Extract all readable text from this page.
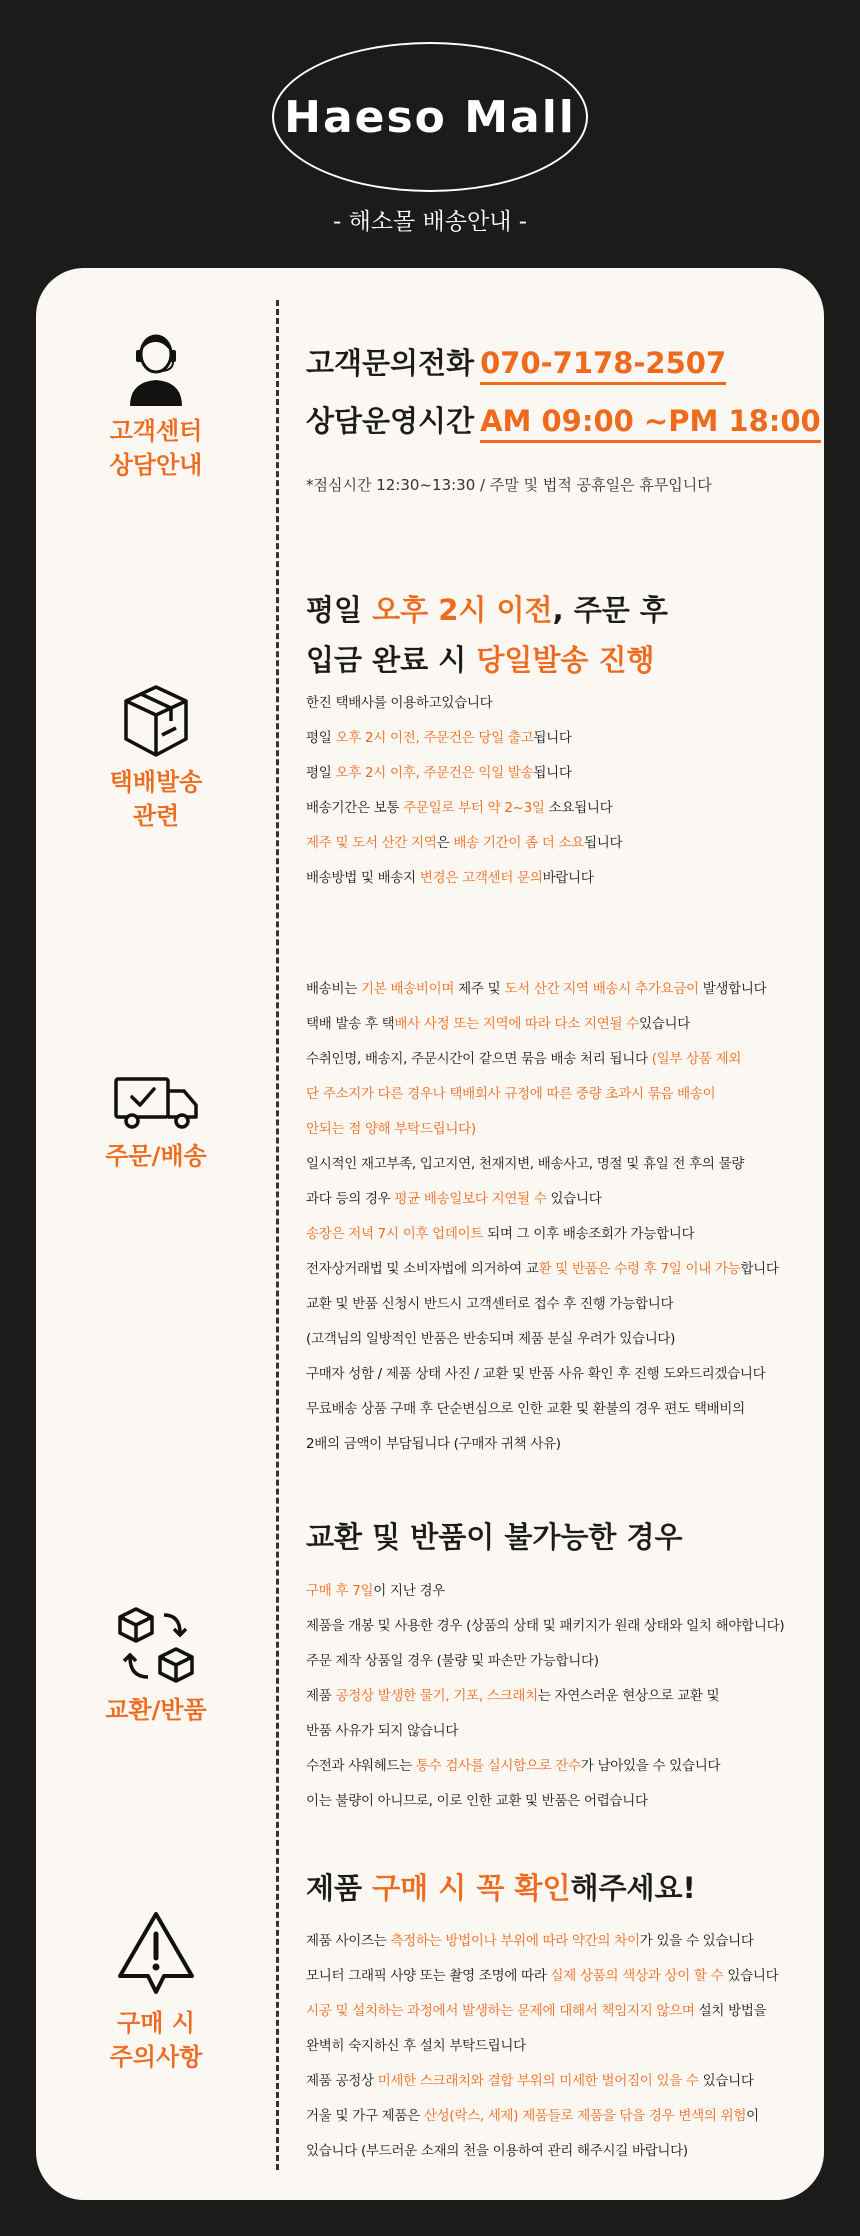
Haeso Mall
- 해소몰 배송안내 -
고객센터
상담안내
고객문의전화 070-7178-2507
상담운영시간 AM 09:00 ~PM 18:00
*점심시간 12:30~13:30 / 주말 및 법적 공휴일은 휴무입니다
평일 오후 2시 이전, 주문 후
입금 완료 시 당일발송 진행
택배발송
관련
한진 택배사를 이용하고있습니다
평일 오후 2시 이전, 주문건은 당일 출고됩니다
평일 오후 2시 이후, 주문건은 익일 발송됩니다
배송기간은 보통 주문일로 부터 약 2~3일 소요됩니다
제주 및 도서 산간 지역은 배송 기간이 좀 더 소요됩니다
배송방법 및 배송지 변경은 고객센터 문의바랍니다
주문/배송
배송비는 기본 배송비이며 제주 및 도서 산간 지역 배송시 추가요금이 발생합니다
택배 발송 후 택배사 사정 또는 지역에 따라 다소 지연될 수있습니다
수취인명, 배송지, 주문시간이 같으면 묶음 배송 처리 됩니다 (일부 상품 제외
단 주소지가 다른 경우나 택배회사 규정에 따른 중량 초과시 묶음 배송이
안되는 점 양해 부탁드립니다)
일시적인 재고부족, 입고지연, 천재지변, 배송사고, 명절 및 휴일 전 후의 물량
과다 등의 경우 평균 배송일보다 지연될 수 있습니다
송장은 저녁 7시 이후 업데이트 되며 그 이후 배송조회가 가능합니다
전자상거래법 및 소비자법에 의거하여 교환 및 반품은 수령 후 7일 이내 가능합니다
교환 및 반품 신청시 반드시 고객센터로 접수 후 진행 가능합니다
(고객님의 일방적인 반품은 반송되며 제품 분실 우려가 있습니다)
구매자 성함 / 제품 상태 사진 / 교환 및 반품 사유 확인 후 진행 도와드리겠습니다
무료배송 상품 구매 후 단순변심으로 인한 교환 및 환불의 경우 편도 택배비의
2배의 금액이 부담됩니다 (구매자 귀책 사유)
교환 및 반품이 불가능한 경우
교환/반품
구매 후 7일이 지난 경우
제품을 개봉 및 사용한 경우 (상품의 상태 및 패키지가 원래 상태와 일치 해야합니다)
주문 제작 상품일 경우 (불량 및 파손만 가능합니다)
제품 공정상 발생한 물기, 기포, 스크래치는 자연스러운 현상으로 교환 및
반품 사유가 되지 않습니다
수전과 샤워헤드는 통수 검사를 실시함으로 잔수가 남아있을 수 있습니다
이는 불량이 아니므로, 이로 인한 교환 및 반품은 어렵습니다
제품 구매 시 꼭 확인해주세요!
구매 시
주의사항
제품 사이즈는 측정하는 방법이나 부위에 따라 약간의 차이가 있을 수 있습니다
모니터 그래픽 사양 또는 촬영 조명에 따라 실제 상품의 색상과 상이 할 수 있습니다
시공 및 설치하는 과정에서 발생하는 문제에 대해서 책임지지 않으며 설치 방법을
완벽히 숙지하신 후 설치 부탁드립니다
제품 공정상 미세한 스크래치와 결합 부위의 미세한 벌어짐이 있을 수 있습니다
거울 및 가구 제품은 산성(락스, 세제) 제품들로 제품을 닦을 경우 변색의 위험이
있습니다 (부드러운 소재의 천을 이용하여 관리 해주시길 바랍니다)
